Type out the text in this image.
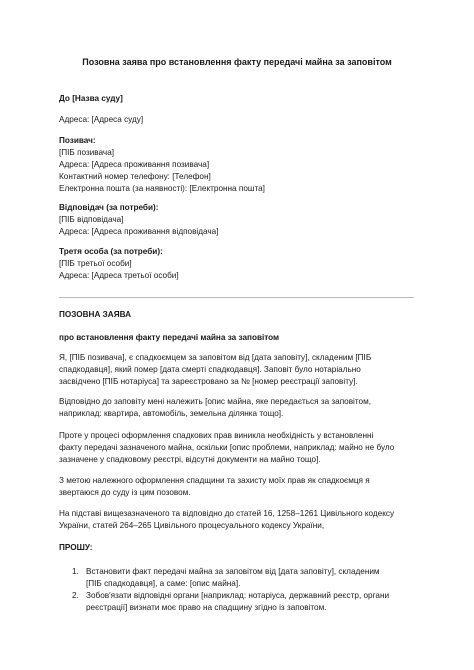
Позовна заява про встановлення факту передачі майна за заповітом
До [Назва суду]
Адреса: [Адреса суду]
Позивач:
[ПІБ позивача]
Адреса: [Адреса проживання позивача]
Контактний номер телефону: [Телефон]
Електронна пошта (за наявності): [Електронна пошта]
Відповідач (за потреби):
[ПІБ відповідача]
Адреса: [Адреса проживання відповідача]
Третя особа (за потреби):
[ПІБ третьої особи]
Адреса: [Адреса третьої особи]
ПОЗОВНА ЗАЯВА
про встановлення факту передачі майна за заповітом
Я, [ПІБ позивача], є спадкоємцем за заповітом від [дата заповіту], складеним [ПІБ
спадкодавця], який помер [дата смерті спадкодавця]. Заповіт було нотаріально
засвідчено [ПІБ нотаріуса] та зареєстровано за № [номер реєстрації заповіту].
Відповідно до заповіту мені належить [опис майна, яке передається за заповітом,
наприклад: квартира, автомобіль, земельна ділянка тощо].
Проте у процесі оформлення спадкових прав виникла необхідність у встановленні
факту передачі зазначеного майна, оскільки [опис проблеми, наприклад: майно не було
зазначене у спадковому реєстрі, відсутні документи на майно тощо].
З метою належного оформлення спадщини та захисту моїх прав як спадкоємця я
звертаюся до суду із цим позовом.
На підставі вищезазначеного та відповідно до статей 16, 1258–1261 Цивільного кодексу
України, статей 264–265 Цивільного процесуального кодексу України,
ПРОШУ:
1. Встановити факт передачі майна за заповітом від [дата заповіту], складеним
[ПІБ спадкодавця], а саме: [опис майна].
2. Зобов'язати відповідні органи [наприклад: нотаріуса, державний реєстр, органи
реєстрації] визнати моє право на спадщину згідно із заповітом.
